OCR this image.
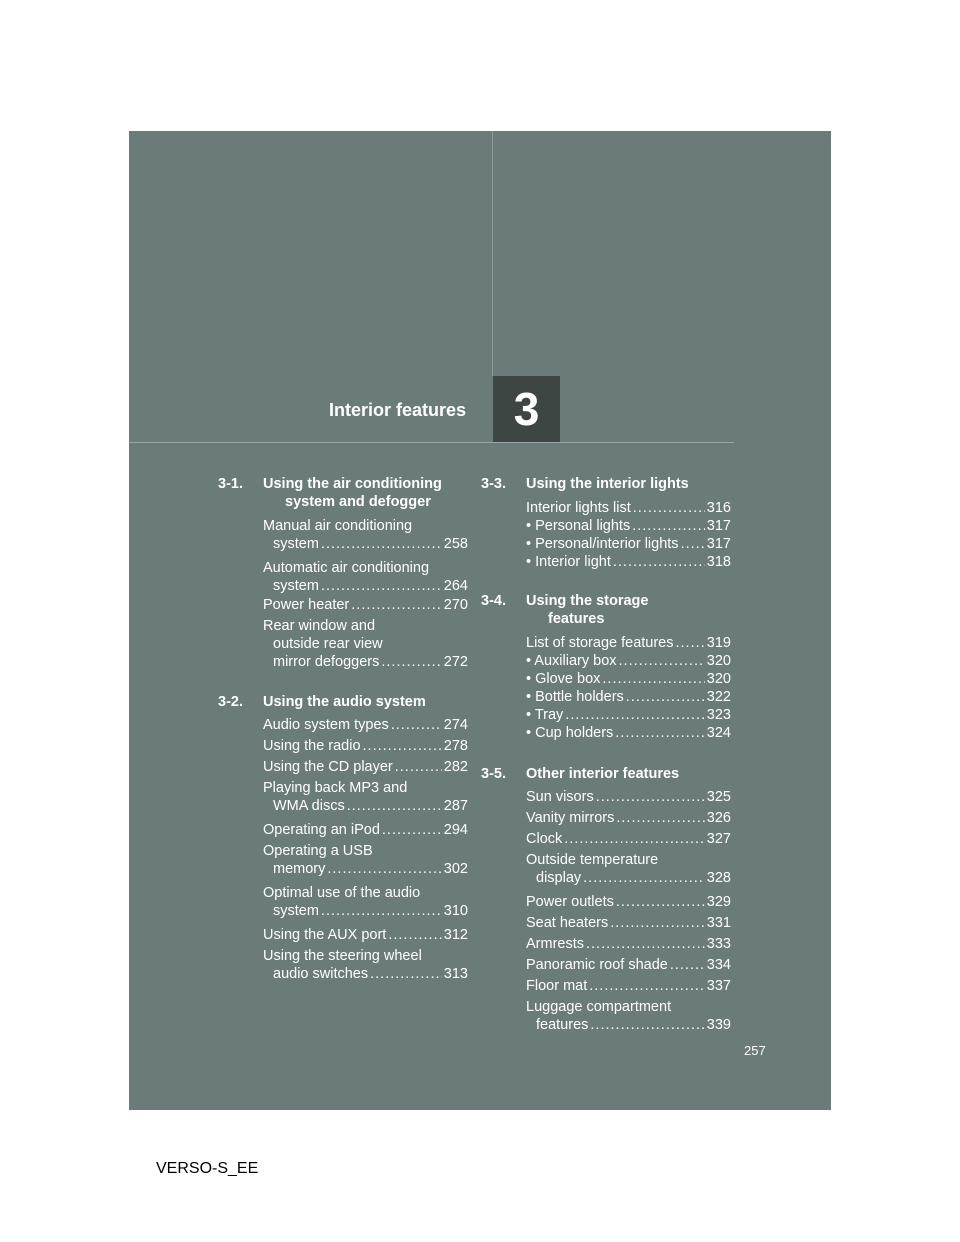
Interior features	3
3-1. Using the air conditioning
system and defogger
Manual air conditioning
system .....	258
Automatic air conditioning
system .....	264
Power heater .....	270
Rear window and
outside rear view
mirror defoggers .....	272
3-2. Using the audio system
Audio system types .....	274
Using the radio .....	278
Using the CD player .....	282
Playing back MP3 and
WMA discs .....	287
Operating an iPod .....	294
Operating a USB
memory .....	302
Optimal use of the audio
system .....	310
Using the AUX port .....	312
Using the steering wheel
audio switches .....	313
3-3. Using the interior lights
Interior lights list .....	316
• Personal lights .....	317
• Personal/interior lights ..... 317
• Interior light .....	318
3-4. Using the storage
features
List of storage features ..... 319
• Auxiliary box .....	320
• Glove box .....	320
• Bottle holders .....	322
• Tray .....	323
• Cup holders .....	324
3-5. Other interior features
Sun visors .....	325
Vanity mirrors .....	326
Clock .....	327
Outside temperature
display .....	328
Power outlets .....	329
Seat heaters .....	331
Armrests .....	333
Panoramic roof shade .....	334
Floor mat .....	337
Luggage compartment
features .....	339
257
VERSO-S_EE
